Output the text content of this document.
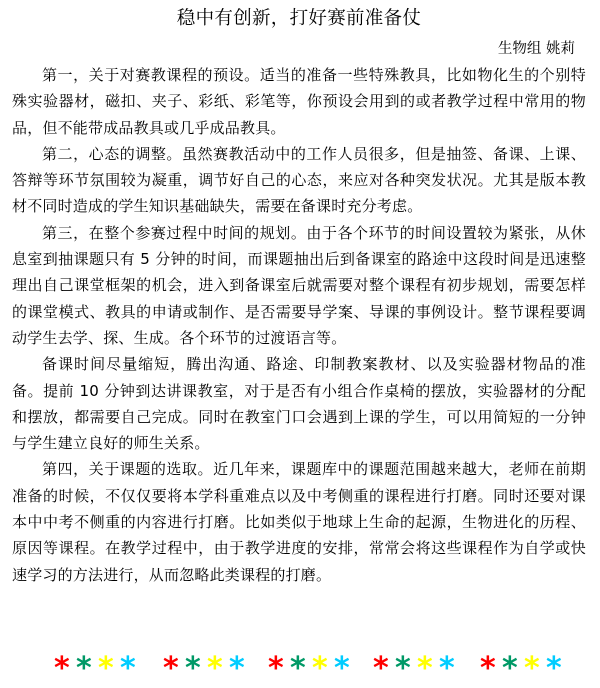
稳中有创新，打好赛前准备仗
生物组 姚莉

第一，关于对赛教课程的预设。适当的准备一些特殊教具，比如物化生的个别特殊实验器材，磁扣、夹子、彩纸、彩笔等，你预设会用到的或者教学过程中常用的物品，但不能带成品教具或几乎成品教具。

第二，心态的调整。虽然赛教活动中的工作人员很多，但是抽签、备课、上课、答辩等环节氛围较为凝重，调节好自己的心态，来应对各种突发状况。尤其是版本教材不同时造成的学生知识基础缺失，需要在备课时充分考虑。

第三，在整个参赛过程中时间的规划。由于各个环节的时间设置较为紧张，从休息室到抽课题只有 5 分钟的时间，而课题抽出后到备课室的路途中这段时间是迅速整理出自己课堂框架的机会，进入到备课室后就需要对整个课程有初步规划，需要怎样的课堂模式、教具的申请或制作、是否需要导学案、导课的事例设计。整节课程要调动学生去学、探、生成。各个环节的过渡语言等。

备课时间尽量缩短，腾出沟通、路途、印制教案教材、以及实验器材物品的准备。提前 10 分钟到达讲课教室，对于是否有小组合作桌椅的摆放，实验器材的分配和摆放，都需要自己完成。同时在教室门口会遇到上课的学生，可以用简短的一分钟与学生建立良好的师生关系。

第四，关于课题的选取。近几年来，课题库中的课题范围越来越大，老师在前期准备的时候，不仅仅要将本学科重难点以及中考侧重的课程进行打磨。同时还要对课本中中考不侧重的内容进行打磨。比如类似于地球上生命的起源，生物进化的历程、原因等课程。在教学过程中，由于教学进度的安排，常常会将这些课程作为自学或快速学习的方法进行，从而忽略此类课程的打磨。

* * * * * * * * * * * * * * * * * * * *
